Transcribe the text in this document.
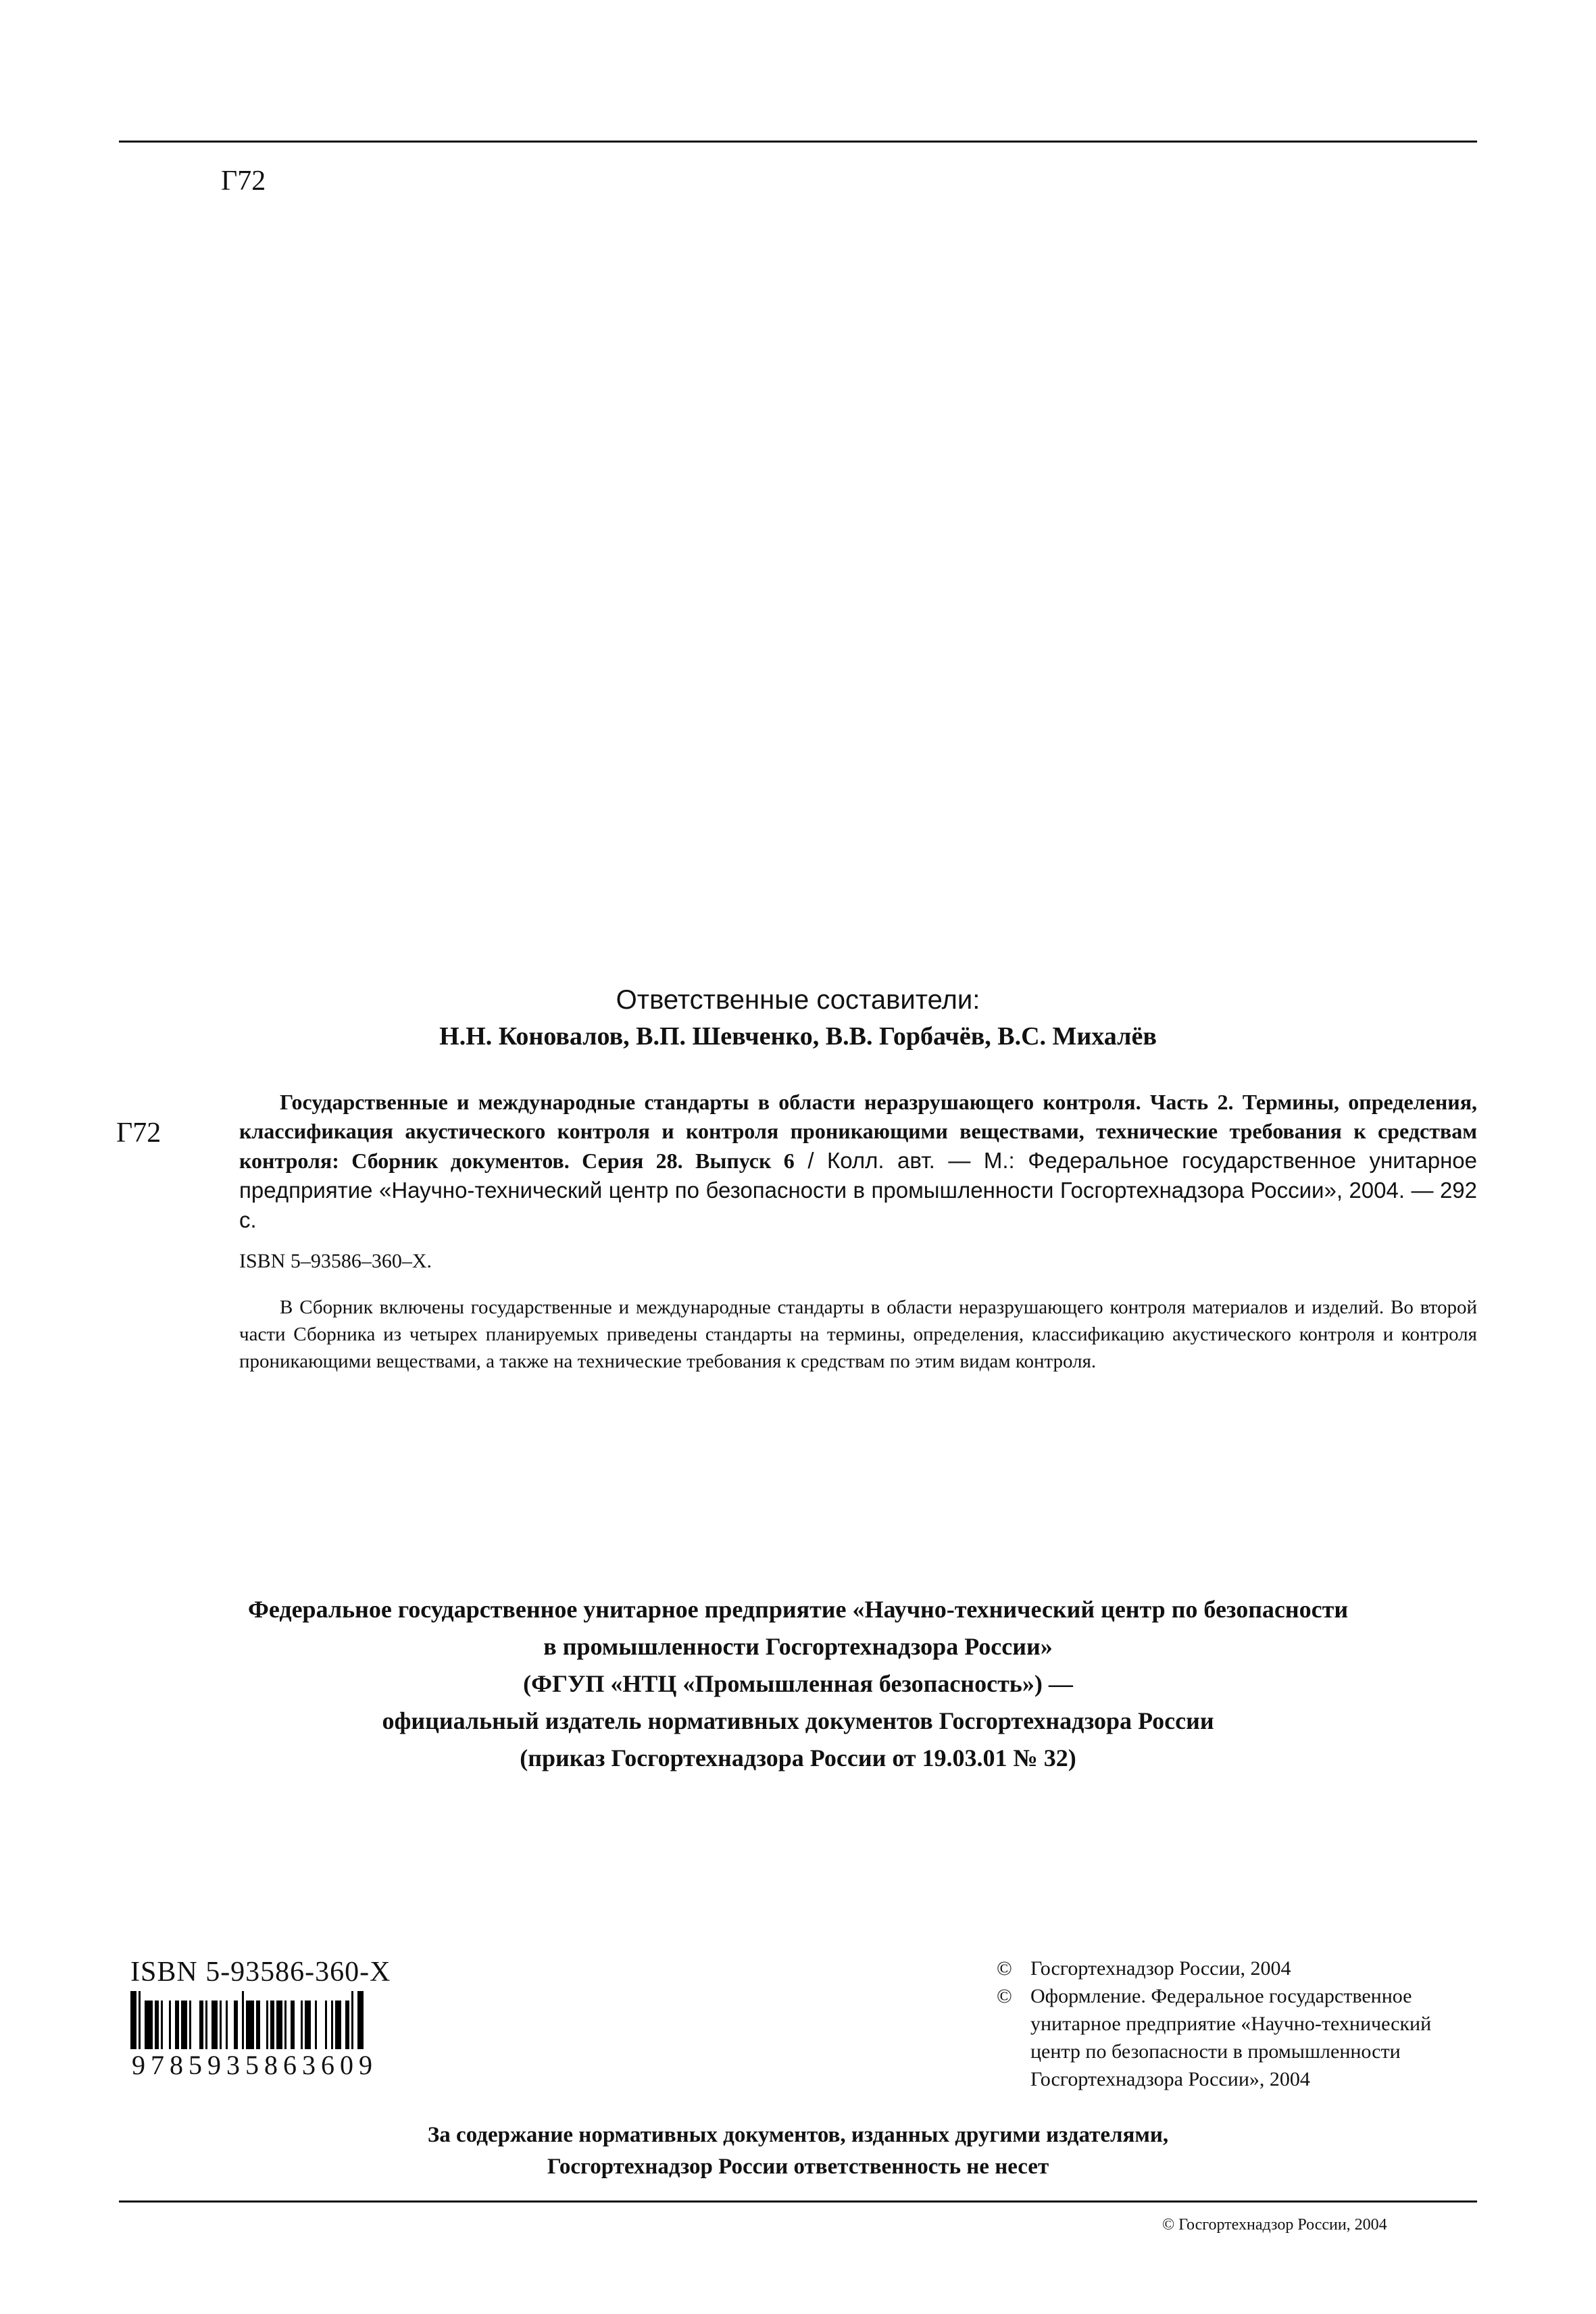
Г72
Ответственные составители:
Н.Н. Коновалов, В.П. Шевченко, В.В. Горбачёв, В.С. Михалёв
Г72
Государственные и международные стандарты в области неразрушающего контроля. Часть 2. Термины, определения, классификация акустического контроля и контроля проникающими веществами, технические требования к средствам контроля: Сборник документов. Серия 28. Выпуск 6 / Колл. авт. — М.: Федеральное государственное унитарное предприятие «Научно-технический центр по безопасности в промышленности Госгортехнадзора России», 2004. — 292 с.
ISBN 5–93586–360–Х.
В Сборник включены государственные и международные стандарты в области неразрушающего контроля материалов и изделий. Во второй части Сборника из четырех планируемых приведены стандарты на термины, определения, классификацию акустического контроля и контроля проникающими веществами, а также на технические требования к средствам по этим видам контроля.
Федеральное государственное унитарное предприятие «Научно-технический центр по безопасности
в промышленности Госгортехнадзора России»
(ФГУП «НТЦ «Промышленная безопасность») —
официальный издатель нормативных документов Госгортехнадзора России
(приказ Госгортехнадзора России от 19.03.01 № 32)
ISBN 5-93586-360-X
9785935863609
© Госгортехнадзор России, 2004
© Оформление. Федеральное государственное
унитарное предприятие «Научно-технический
центр по безопасности в промышленности
Госгортехнадзора России», 2004
За содержание нормативных документов, изданных другими издателями,
Госгортехнадзор России ответственность не несет
© Госгортехнадзор России, 2004
